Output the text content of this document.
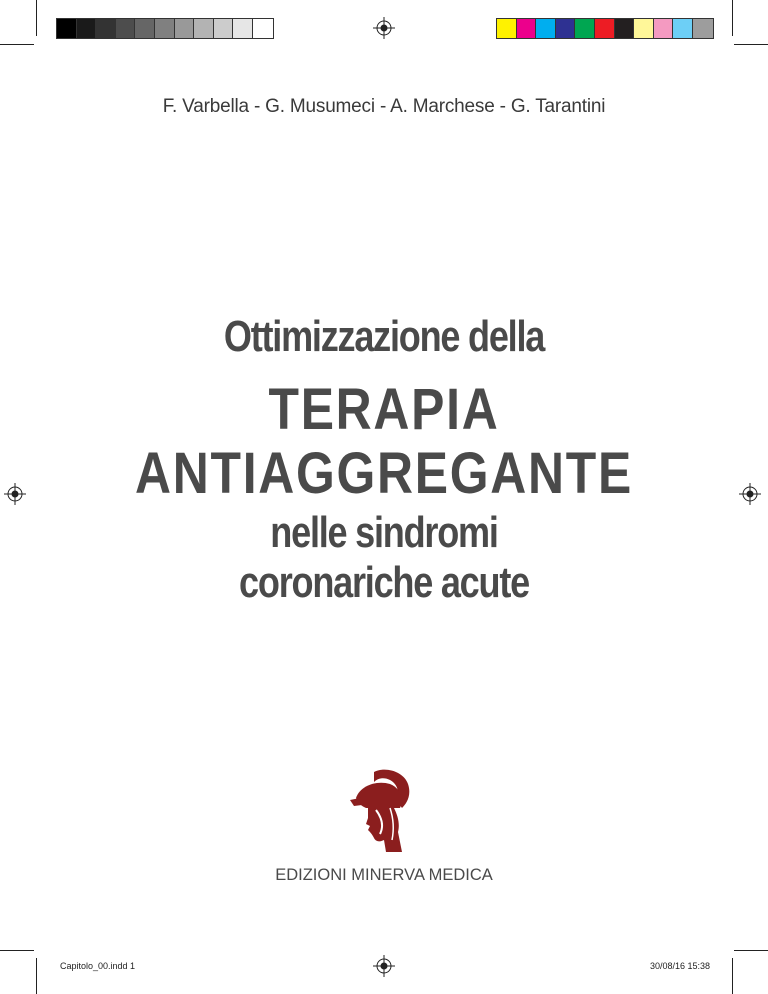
F. Varbella - G. Musumeci - A. Marchese - G. Tarantini
Ottimizzazione della
TERAPIA
ANTIAGGREGANTE
nelle sindromi
coronariche acute
EDIZIONI MINERVA MEDICA
Capitolo_00.indd 1	30/08/16 15:38
